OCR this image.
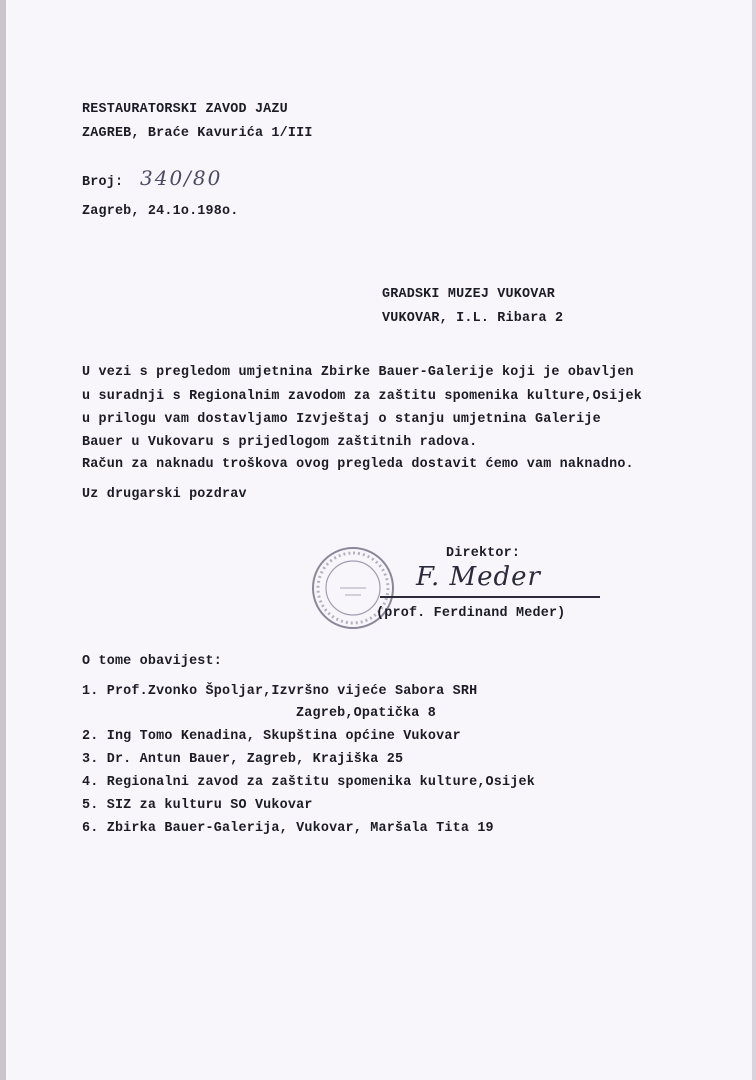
RESTAURATORSKI ZAVOD JAZU
ZAGREB, Braće Kavurića 1/III
Broj: 340/80
Zagreb, 24.1o.198o.
GRADSKI MUZEJ VUKOVAR
VUKOVAR, I.L. Ribara 2
U vezi s pregledom umjetnina Zbirke Bauer-Galerije koji je obavljen
u suradnji s Regionalnim zavodom za zaštitu spomenika kulture,Osijek
u prilogu vam dostavljamo Izvještaj o stanju umjetnina Galerije
Bauer u Vukovaru s prijedlogom zaštitnih radova.
Račun za naknadu troškova ovog pregleda dostavit ćemo vam naknadno.
Uz drugarski pozdrav
Direktor:
F. Meder
(prof. Ferdinand Meder)
O tome obavijest:
1. Prof.Zvonko Špoljar,Izvršno vijeće Sabora SRH
Zagreb,Opatička 8
2. Ing Tomo Kenadina, Skupština općine Vukovar
3. Dr. Antun Bauer, Zagreb, Krajiška 25
4. Regionalni zavod za zaštitu spomenika kulture,Osijek
5. SIZ za kulturu SO Vukovar
6. Zbirka Bauer-Galerija, Vukovar, Maršala Tita 19
